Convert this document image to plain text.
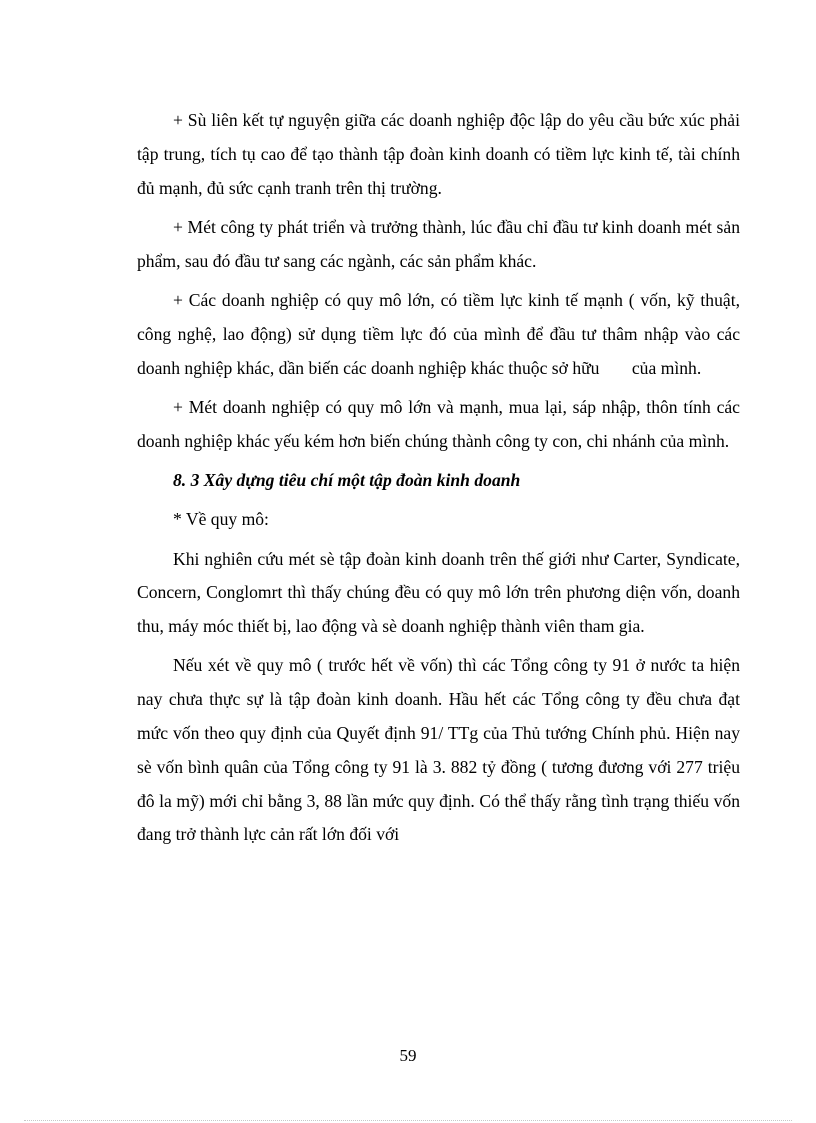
+ Sù liên kết tự nguyện giữa các doanh nghiệp độc lập do yêu cầu bức xúc phải tập trung, tích tụ cao để tạo thành tập đoàn kinh doanh có tiềm lực kinh tế, tài chính đủ mạnh, đủ sức cạnh tranh trên thị trường.

+ Mét công ty phát triển và trưởng thành, lúc đầu chỉ đầu tư kinh doanh mét sản phẩm, sau đó đầu tư sang các ngành, các sản phẩm khác.

+ Các doanh nghiệp có quy mô lớn, có tiềm lực kinh tế mạnh ( vốn, kỹ thuật, công nghệ, lao động) sử dụng tiềm lực đó của mình để đầu tư thâm nhập vào các doanh nghiệp khác, dần biến các doanh nghiệp khác thuộc sở hữu của mình.

+ Mét doanh nghiệp có quy mô lớn và mạnh, mua lại, sáp nhập, thôn tính các doanh nghiệp khác yếu kém hơn biến chúng thành công ty con, chi nhánh của mình.

8. 3 Xây dựng tiêu chí một tập đoàn kinh doanh

* Về quy mô:

Khi nghiên cứu mét sè tập đoàn kinh doanh trên thế giới như Carter, Syndicate, Concern, Conglomrt thì thấy chúng đều có quy mô lớn trên phương diện vốn, doanh thu, máy móc thiết bị, lao động và sè doanh nghiệp thành viên tham gia.

Nếu xét về quy mô ( trước hết về vốn) thì các Tổng công ty 91 ở nước ta hiện nay chưa thực sự là tập đoàn kinh doanh. Hầu hết các Tổng công ty đều chưa đạt mức vốn theo quy định của Quyết định 91/ TTg của Thủ tướng Chính phủ. Hiện nay sè vốn bình quân của Tổng công ty 91 là 3. 882 tỷ đồng ( tương đương với 277 triệu đô la mỹ) mới chỉ bằng 3, 88 lần mức quy định. Có thể thấy rằng tình trạng thiếu vốn đang trở thành lực cản rất lớn đối với

59
